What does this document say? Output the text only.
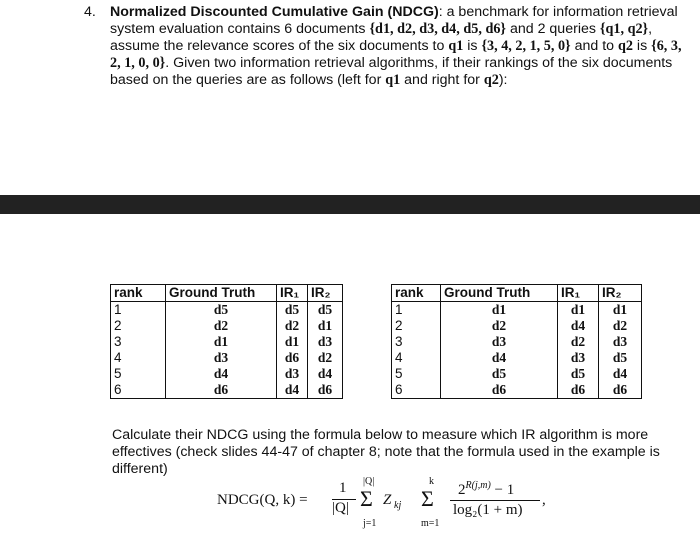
4. Normalized Discounted Cumulative Gain (NDCG): a benchmark for information retrieval system evaluation contains 6 documents {d1, d2, d3, d4, d5, d6} and 2 queries {q1, q2}, assume the relevance scores of the six documents to q1 is {3, 4, 2, 1, 5, 0} and to q2 is {6, 3, 2, 1, 0, 0}. Given two information retrieval algorithms, if their rankings of the six documents based on the queries are as follows (left for q1 and right for q2):
rank	Ground Truth	IR₁	IR₂
1	d5	d5	d5
2	d2	d2	d1
3	d1	d1	d3
4	d3	d6	d2
5	d4	d3	d4
6	d6	d4	d6
rank	Ground Truth	IR₁	IR₂
1	d1	d1	d1
2	d2	d4	d2
3	d3	d2	d3
4	d4	d3	d5
5	d5	d5	d4
6	d6	d6	d6
Calculate their NDCG using the formula below to measure which IR algorithm is more effectives (check slides 44-47 of chapter 8; note that the formula used in the example is different)
NDCG(Q, k) =
1
|Q|
|Q|
Σ
j=1
Z kj
k
Σ
m=1
$2^{R(j,m)} - 1$
log₂(1 + m)
,
